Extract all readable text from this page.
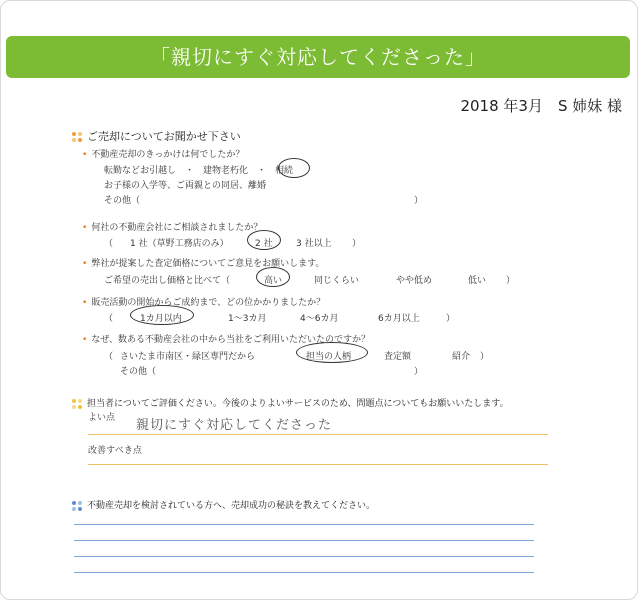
「親切にすぐ対応してくださった」
2018 年3月　S 姉妹 様
ご売却についてお聞かせ下さい
• 不動産売却のきっかけは何でしたか？
転勤などお引越し　・　建物老朽化　・　相続
お子様の入学等、ご両親との同居、離婚
その他（	）
• 何社の不動産会社にご相談されましたか？
（ 1 社（草野工務店のみ）	2 社	3 社以上 ）
• 弊社が提案した査定価格についてご意見をお願いします。
ご希望の売出し価格と比べて（	高い	同じくらい	やや低め	低い ）
• 販売活動の開始からご成約まで、どの位かかりましたか？
（	1カ月以内	1～3カ月	4～6カ月	6カ月以上	）
• なぜ、数ある不動産会社の中から当社をご利用いただいたのですか？
（ さいたま市南区・緑区専門だから	担当の人柄	査定額	紹介 ）
その他（	）
担当者についてご評価ください。今後のよりよいサービスのため、問題点についてもお願いいたします。
よい点 親切にすぐ対応してくださった
改善すべき点
不動産売却を検討されている方へ、売却成功の秘訣を教えてください。
